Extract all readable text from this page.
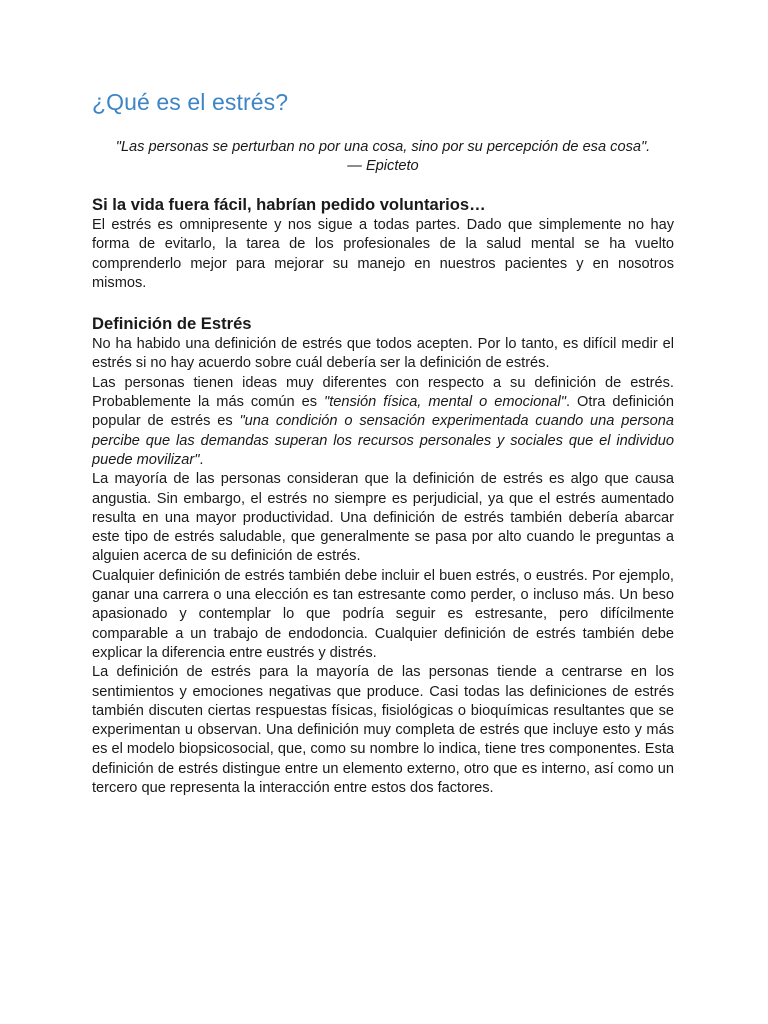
¿Qué es el estrés?
"Las personas se perturban no por una cosa, sino por su percepción de esa cosa".
— Epicteto
Si la vida fuera fácil, habrían pedido voluntarios…

El estrés es omnipresente y nos sigue a todas partes. Dado que simplemente no hay forma de evitarlo, la tarea de los profesionales de la salud mental se ha vuelto comprenderlo mejor para mejorar su manejo en nuestros pacientes y en nosotros mismos.

Definición de Estrés

No ha habido una definición de estrés que todos acepten. Por lo tanto, es difícil medir el estrés si no hay acuerdo sobre cuál debería ser la definición de estrés.

Las personas tienen ideas muy diferentes con respecto a su definición de estrés. Probablemente la más común es "tensión física, mental o emocional". Otra definición popular de estrés es "una condición o sensación experimentada cuando una persona percibe que las demandas superan los recursos personales y sociales que el individuo puede movilizar".

La mayoría de las personas consideran que la definición de estrés es algo que causa angustia. Sin embargo, el estrés no siempre es perjudicial, ya que el estrés aumentado resulta en una mayor productividad. Una definición de estrés también debería abarcar este tipo de estrés saludable, que generalmente se pasa por alto cuando le preguntas a alguien acerca de su definición de estrés.

Cualquier definición de estrés también debe incluir el buen estrés, o eustrés. Por ejemplo, ganar una carrera o una elección es tan estresante como perder, o incluso más. Un beso apasionado y contemplar lo que podría seguir es estresante, pero difícilmente comparable a un trabajo de endodoncia. Cualquier definición de estrés también debe explicar la diferencia entre eustrés y distrés.

La definición de estrés para la mayoría de las personas tiende a centrarse en los sentimientos y emociones negativas que produce. Casi todas las definiciones de estrés también discuten ciertas respuestas físicas, fisiológicas o bioquímicas resultantes que se experimentan u observan. Una definición muy completa de estrés que incluye esto y más es el modelo biopsicosocial, que, como su nombre lo indica, tiene tres componentes. Esta definición de estrés distingue entre un elemento externo, otro que es interno, así como un tercero que representa la interacción entre estos dos factores.
